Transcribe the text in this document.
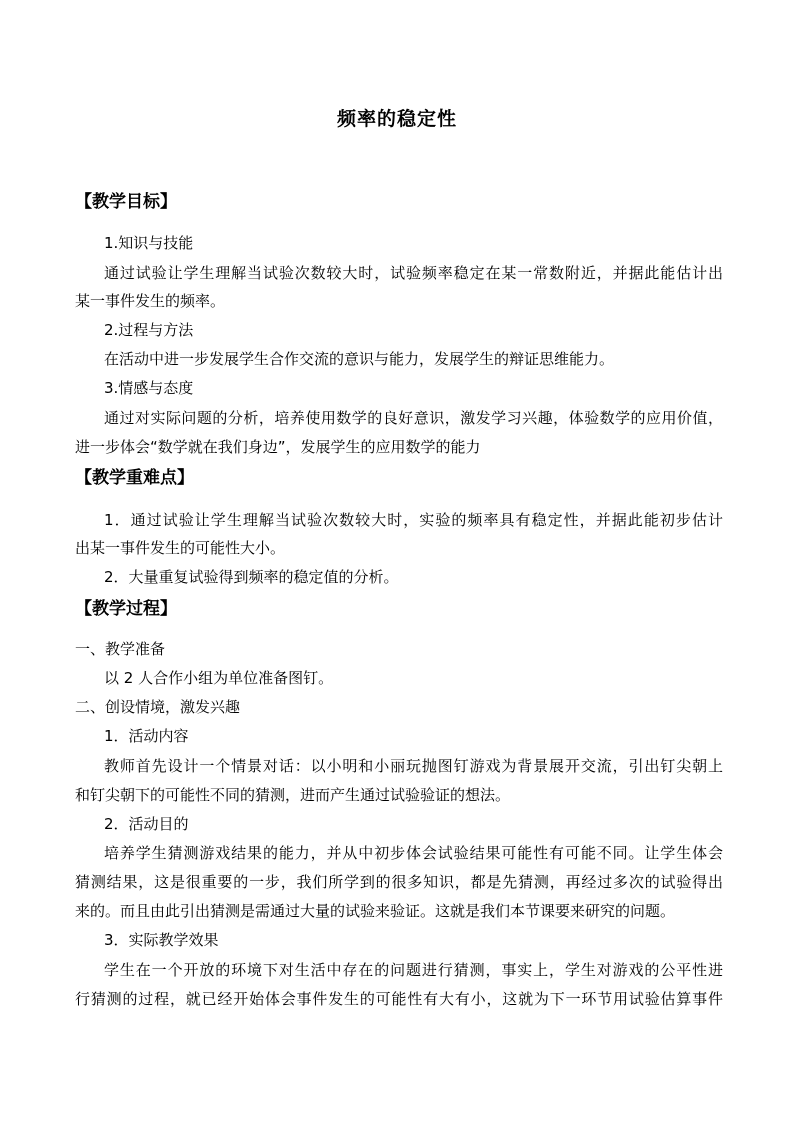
频率的稳定性
【教学目标】
1.知识与技能
通过试验让学生理解当试验次数较大时，试验频率稳定在某一常数附近，并据此能估计出
某一事件发生的频率。
2.过程与方法
在活动中进一步发展学生合作交流的意识与能力，发展学生的辩证思维能力。
3.情感与态度
通过对实际问题的分析，培养使用数学的良好意识，激发学习兴趣，体验数学的应用价值，
进一步体会“数学就在我们身边”，发展学生的应用数学的能力
【教学重难点】
1．通过试验让学生理解当试验次数较大时，实验的频率具有稳定性，并据此能初步估计
出某一事件发生的可能性大小。
2．大量重复试验得到频率的稳定值的分析。
【教学过程】
一、教学准备
以 2 人合作小组为单位准备图钉。
二、创设情境，激发兴趣
1．活动内容
教师首先设计一个情景对话：以小明和小丽玩抛图钉游戏为背景展开交流，引出钉尖朝上
和钉尖朝下的可能性不同的猜测，进而产生通过试验验证的想法。
2．活动目的
培养学生猜测游戏结果的能力，并从中初步体会试验结果可能性有可能不同。让学生体会
猜测结果，这是很重要的一步，我们所学到的很多知识，都是先猜测，再经过多次的试验得出
来的。而且由此引出猜测是需通过大量的试验来验证。这就是我们本节课要来研究的问题。
3．实际教学效果
学生在一个开放的环境下对生活中存在的问题进行猜测，事实上，学生对游戏的公平性进
行猜测的过程，就已经开始体会事件发生的可能性有大有小，这就为下一环节用试验估算事件
